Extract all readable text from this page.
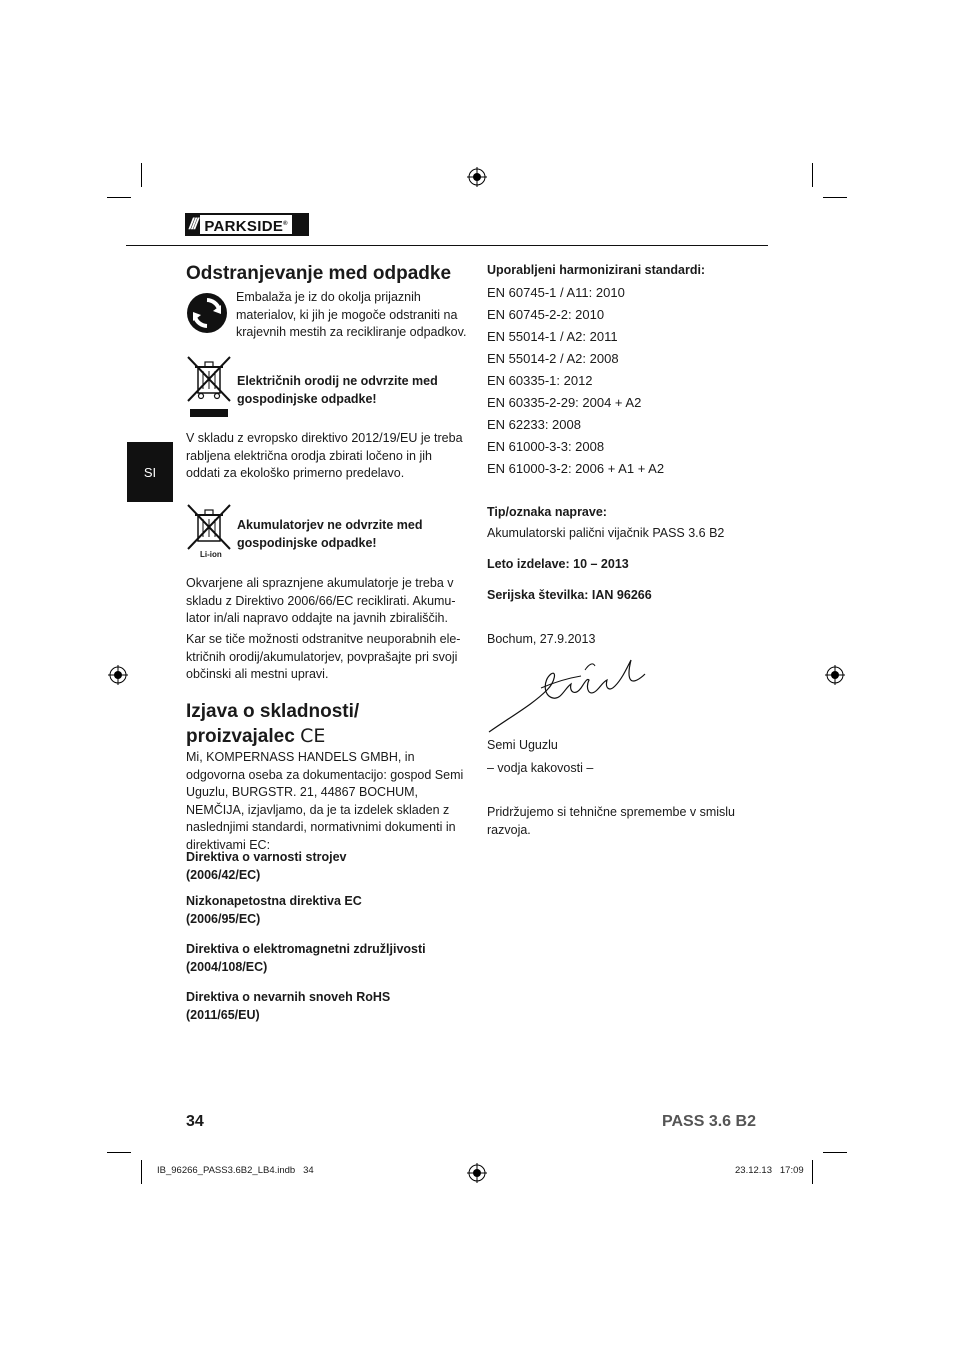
/// PARKSIDE®
SI
Odstranjevanje med odpadke

Embalaža je iz do okolja prijaznih materialov, ki jih je mogoče odstraniti na krajevnih mestih za recikliranje odpadkov.

Električnih orodij ne odvrzite med gospodinjske odpadke!

V skladu z evropsko direktivo 2012/19/EU je treba rabljena električna orodja zbirati ločeno in jih oddati za ekološko primerno predelavo.

Li-ion

Akumulatorjev ne odvrzite med gospodinjske odpadke!

Okvarjene ali spraznjene akumulatorje je treba v skladu z Direktivo 2006/66/EC reciklirati. Akumu-lator in/ali napravo oddajte na javnih zbirališčih.

Kar se tiče možnosti odstranitve neuporabnih ele-ktričnih orodij/akumulatorjev, povprašajte pri svoji občinski ali mestni upravi.

Izjava o skladnosti/
proizvajalec CE

Mi, KOMPERNASS HANDELS GMBH, in odgovorna oseba za dokumentacijo: gospod Semi Uguzlu, BURGSTR. 21, 44867 BOCHUM, NEMČIJA, izjavljamo, da je ta izdelek skladen z naslednjimi standardi, normativnimi dokumenti in direktivami EC:

Direktiva o varnosti strojev
(2006/42/EC)

Nizkonapetostna direktiva EC
(2006/95/EC)

Direktiva o elektromagnetni združljivosti
(2004/108/EC)

Direktiva o nevarnih snoveh RoHS
(2011/65/EU)

Uporabljeni harmonizirani standardi:

EN 60745-1 / A11: 2010
EN 60745-2-2: 2010
EN 55014-1 / A2: 2011
EN 55014-2 / A2: 2008
EN 60335-1: 2012
EN 60335-2-29: 2004 + A2
EN 62233: 2008
EN 61000-3-3: 2008
EN 61000-3-2: 2006 + A1 + A2

Tip/oznaka naprave:

Akumulatorski palični vijačnik PASS 3.6 B2

Leto izdelave: 10 – 2013

Serijska številka: IAN 96266

Bochum, 27.9.2013

Semi Uguzlu

– vodja kakovosti –

Pridržujemo si tehnične spremembe v smislu razvoja.

34	PASS 3.6 B2
IB_96266_PASS3.6B2_LB4.indb   34	23.12.13   17:09
